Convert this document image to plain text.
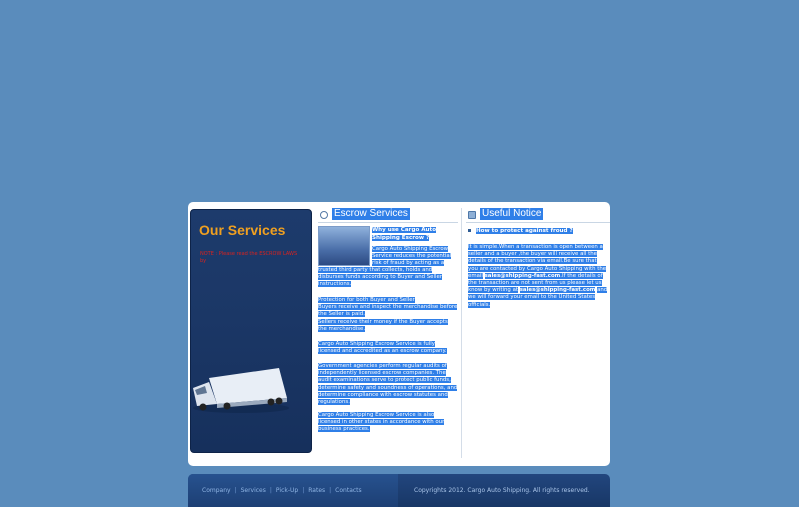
Our Services
NOTE : Please read the ESCROW LAWS by
Escrow Services
Why use Cargo Auto Shipping Escrow ?
Cargo Auto Shipping Escrow Service reduces the potential risk of fraud by acting as a
trusted third party that collects, holds and disburses funds according to Buyer and Seller instructions.
Protection for both Buyer and Seller
Buyers receive and inspect the merchandise before the Seller is paid.
Sellers receive their money if the Buyer accepts the merchandise.
Cargo Auto Shipping Escrow Service is fully licensed and accredited as an escrow company.
Government agencies perform regular audits of independently licensed escrow companies. The audit examinations serve to protect public funds, determine safety and soundness of operations, and determine compliance with escrow statutes and regulations.
Cargo Auto Shipping Escrow Service is also licensed in other states in accordance with our business practices.
Useful Notice
How to protect against froud ?
It is simple.When a transaction is open between a seller and a buyer ,the buyer will receive all the details of the transaction via email.Be sure that you are contacted by Cargo Auto Shipping with the email sales@shipping-fast.com.If the details of the transaction are not sent from us please let us know by writing at sales@shipping-fast.com and we will forward your email to the United States officials.
Company | Services | Pick-Up | Rates | Contacts	Copyrights 2012. Cargo Auto Shipping. All rights reserved.
